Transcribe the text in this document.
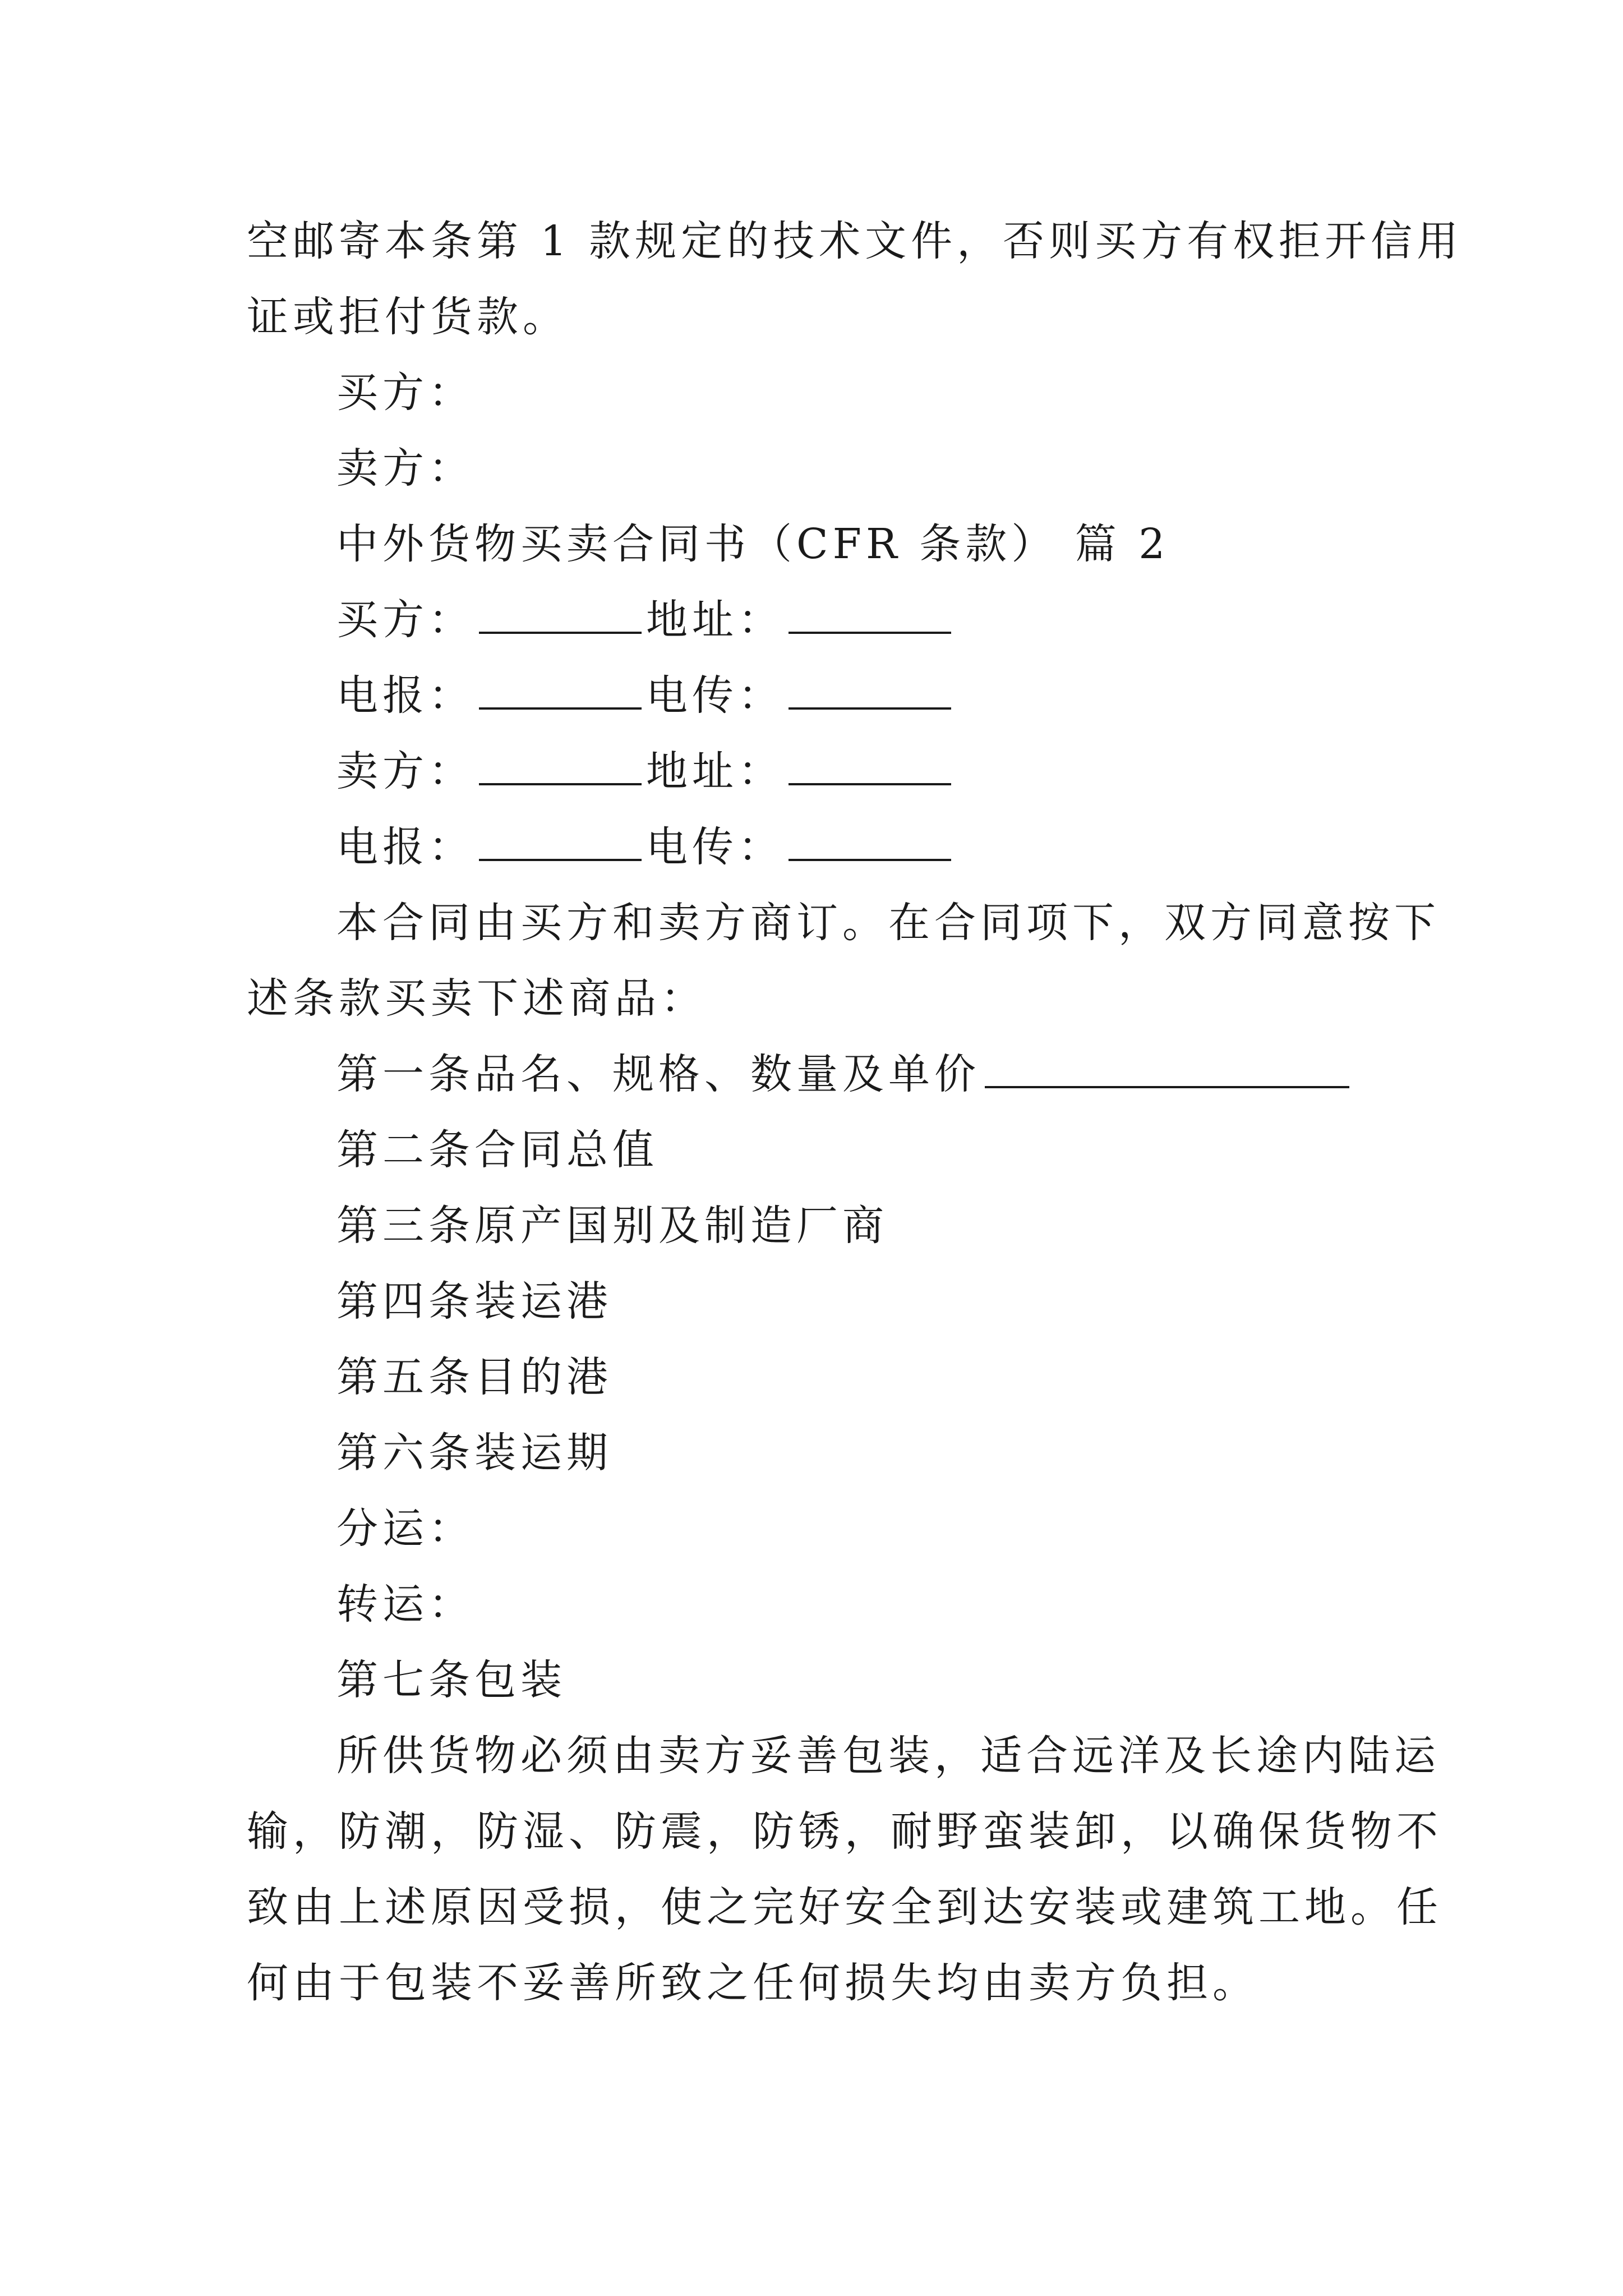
空邮寄本条第 1 款规定的技术文件，否则买方有权拒开信用
证或拒付货款。
买方：
卖方：
中外货物买卖合同书（CFR 条款） 篇 2
买方：	地址：
电报：	电传：
卖方：	地址：
电报：	电传：
本合同由买方和卖方商订。在合同项下，双方同意按下
述条款买卖下述商品：
第一条品名、规格、数量及单价
第二条合同总值
第三条原产国别及制造厂商
第四条装运港
第五条目的港
第六条装运期
分运：
转运：
第七条包装
所供货物必须由卖方妥善包装，适合远洋及长途内陆运
输，防潮，防湿、防震，防锈，耐野蛮装卸，以确保货物不
致由上述原因受损，使之完好安全到达安装或建筑工地。任
何由于包装不妥善所致之任何损失均由卖方负担。
